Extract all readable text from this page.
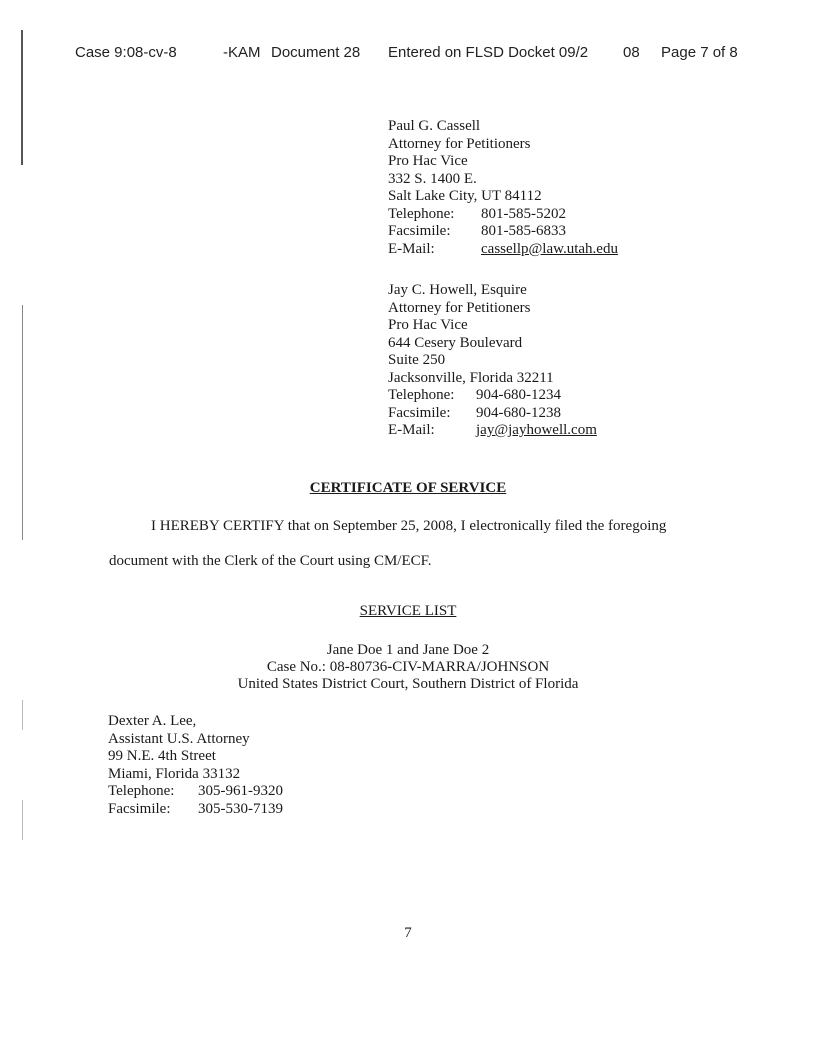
Case 9:08-cv-8	-KAM Document 28 Entered on FLSD Docket 09/2 08 Page 7 of 8
Paul G. Cassell
Attorney for Petitioners
Pro Hac Vice
332 S. 1400 E.
Salt Lake City, UT 84112
Telephone:	801-585-5202
Facsimile:	801-585-6833
E-Mail:	cassellp@law.utah.edu
Jay C. Howell, Esquire
Attorney for Petitioners
Pro Hac Vice
644 Cesery Boulevard
Suite 250
Jacksonville, Florida 32211
Telephone:	904-680-1234
Facsimile:	904-680-1238
E-Mail:	jay@jayhowell.com
CERTIFICATE OF SERVICE
I HEREBY CERTIFY that on September 25, 2008, I electronically filed the foregoing
document with the Clerk of the Court using CM/ECF.
SERVICE LIST
Jane Doe 1 and Jane Doe 2
Case No.: 08-80736-CIV-MARRA/JOHNSON
United States District Court, Southern District of Florida
Dexter A. Lee,
Assistant U.S. Attorney
99 N.E. 4th Street
Miami, Florida 33132
Telephone:	305-961-9320
Facsimile:	305-530-7139
7
